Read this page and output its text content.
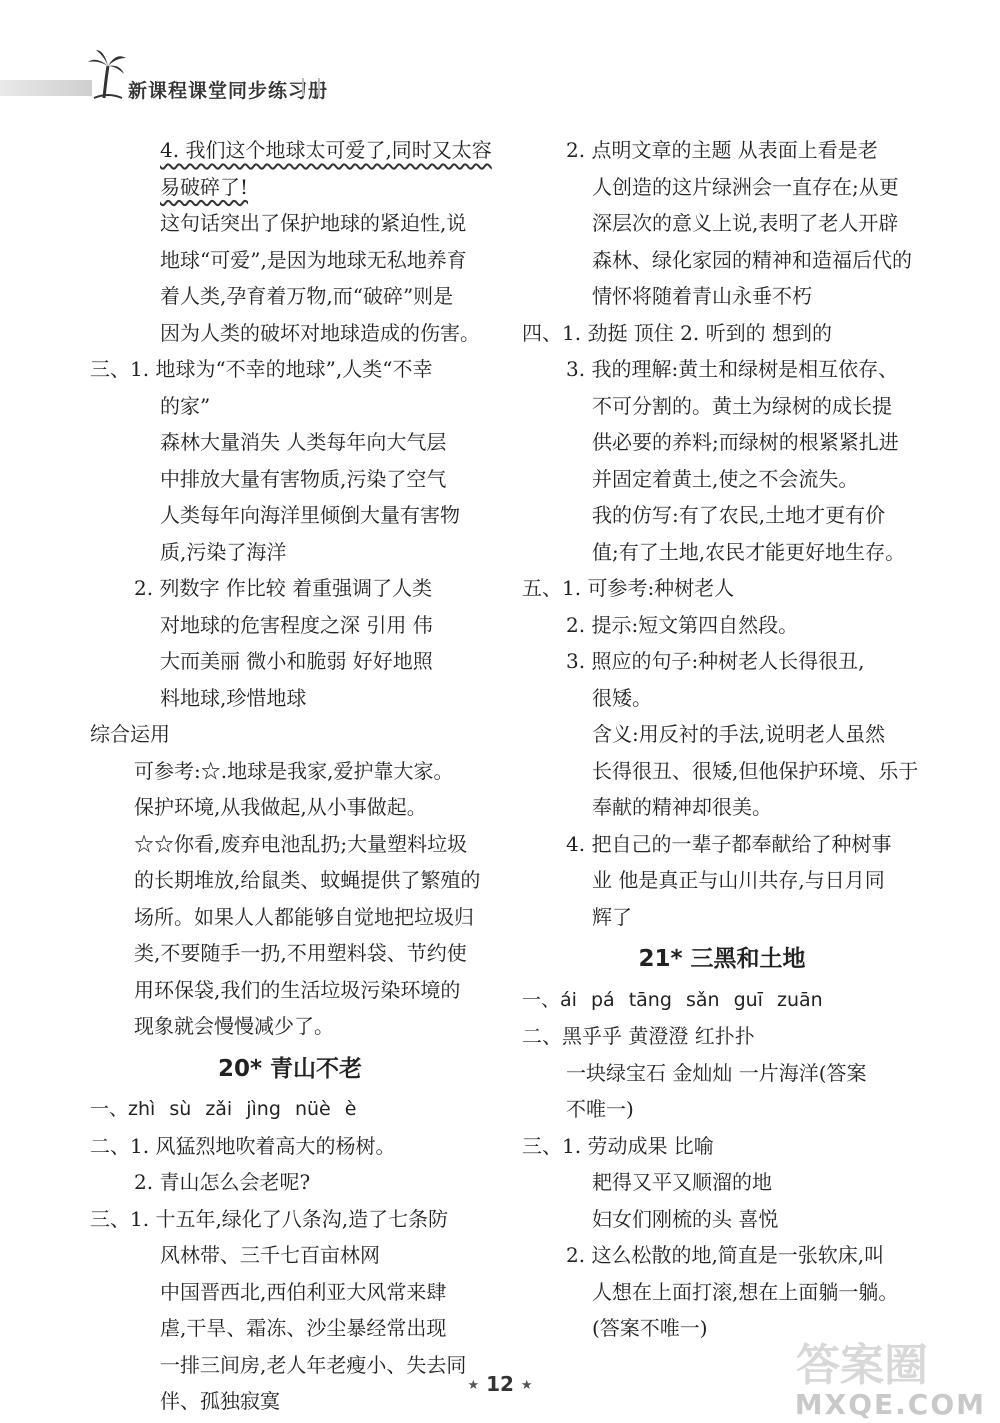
新课程课堂同步练习册
4. 我们这个地球太可爱了,同时又太容
易破碎了!
这句话突出了保护地球的紧迫性,说
地球“可爱”,是因为地球无私地养育
着人类,孕育着万物,而“破碎”则是
因为人类的破坏对地球造成的伤害。
三、1. 地球为“不幸的地球”,人类“不幸
的家”
森林大量消失 人类每年向大气层
中排放大量有害物质,污染了空气
人类每年向海洋里倾倒大量有害物
质,污染了海洋
2. 列数字 作比较 着重强调了人类
对地球的危害程度之深 引用 伟
大而美丽 微小和脆弱 好好地照
料地球,珍惜地球
综合运用
可参考:☆.地球是我家,爱护靠大家。
保护环境,从我做起,从小事做起。
☆☆你看,废弃电池乱扔;大量塑料垃圾
的长期堆放,给鼠类、蚊蝇提供了繁殖的
场所。如果人人都能够自觉地把垃圾归
类,不要随手一扔,不用塑料袋、节约使
用环保袋,我们的生活垃圾污染环境的
现象就会慢慢减少了。
20* 青山不老
一、zhì sù zǎi jìng nüè è
二、1. 风猛烈地吹着高大的杨树。
2. 青山怎么会老呢?
三、1. 十五年,绿化了八条沟,造了七条防
风林带、三千七百亩林网
中国晋西北,西伯利亚大风常来肆
虐,干旱、霜冻、沙尘暴经常出现
一排三间房,老人年老瘦小、失去同
伴、孤独寂寞
2. 点明文章的主题 从表面上看是老
人创造的这片绿洲会一直存在;从更
深层次的意义上说,表明了老人开辟
森林、绿化家园的精神和造福后代的
情怀将随着青山永垂不朽
四、1. 劲挺 顶住 2. 听到的 想到的
3. 我的理解:黄土和绿树是相互依存、
不可分割的。黄土为绿树的成长提
供必要的养料;而绿树的根紧紧扎进
并固定着黄土,使之不会流失。
我的仿写:有了农民,土地才更有价
值;有了土地,农民才能更好地生存。
五、1. 可参考:种树老人
2. 提示:短文第四自然段。
3. 照应的句子:种树老人长得很丑,
很矮。
含义:用反衬的手法,说明老人虽然
长得很丑、很矮,但他保护环境、乐于
奉献的精神却很美。
4. 把自己的一辈子都奉献给了种树事
业 他是真正与山川共存,与日月同
辉了
21* 三黑和土地
一、ái pá tāng sǎn guī zuān
二、黑乎乎 黄澄澄 红扑扑
一块绿宝石 金灿灿 一片海洋(答案
不唯一)
三、1. 劳动成果 比喻
耙得又平又顺溜的地
妇女们刚梳的头 喜悦
2. 这么松散的地,简直是一张软床,叫
人想在上面打滚,想在上面躺一躺。
(答案不唯一)
★ 12 ★	答案圈
MXQE.COM
